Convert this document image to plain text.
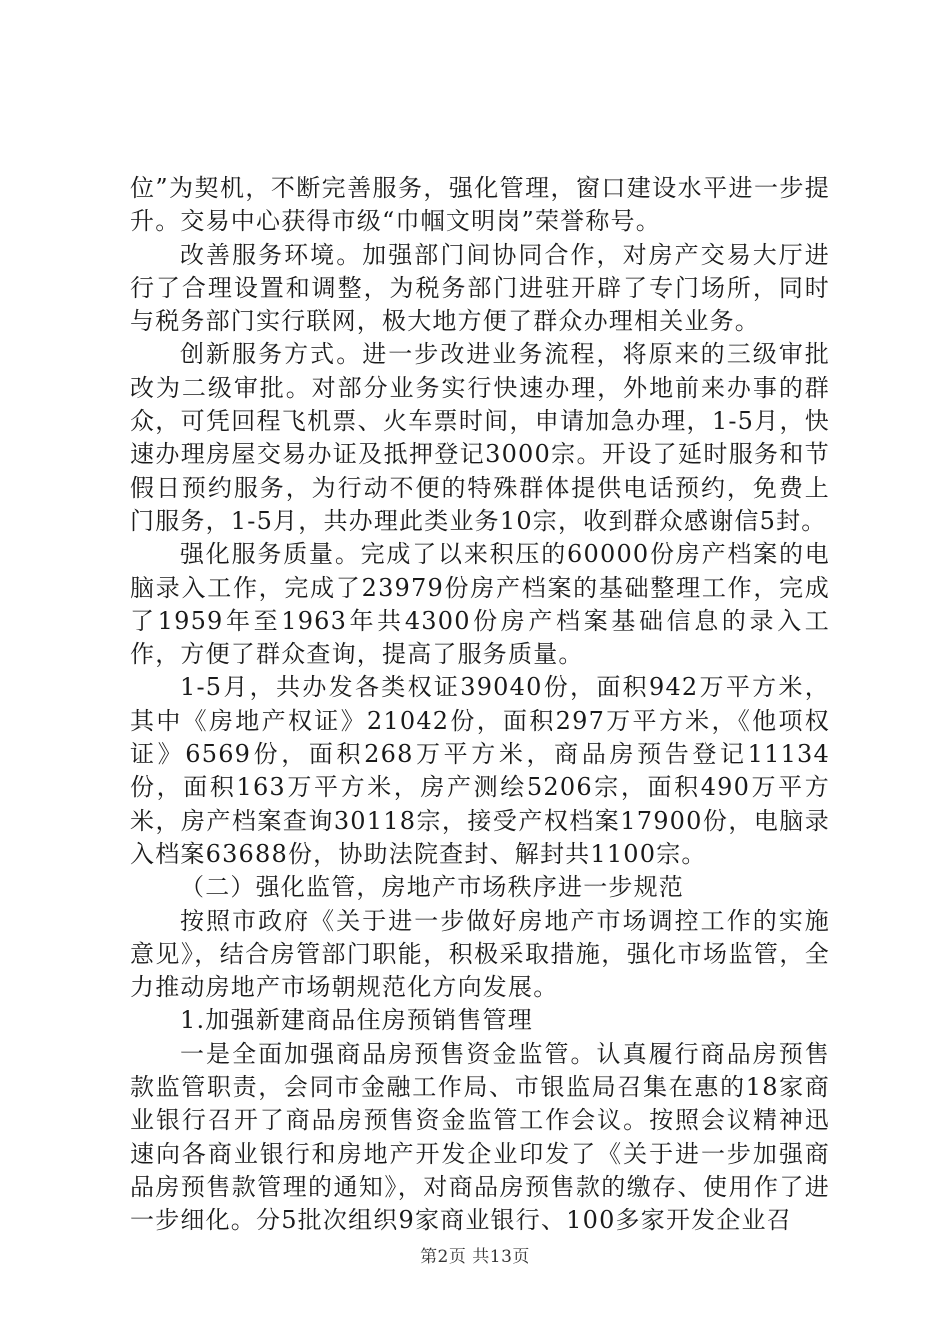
位”为契机，不断完善服务，强化管理，窗口建设水平进一步提升。交易中心获得市级“巾帼文明岗”荣誉称号。

改善服务环境。加强部门间协同合作，对房产交易大厅进行了合理设置和调整，为税务部门进驻开辟了专门场所，同时与税务部门实行联网，极大地方便了群众办理相关业务。

创新服务方式。进一步改进业务流程，将原来的三级审批改为二级审批。对部分业务实行快速办理，外地前来办事的群众，可凭回程飞机票、火车票时间，申请加急办理，1-5月，快速办理房屋交易办证及抵押登记3000宗。开设了延时服务和节假日预约服务，为行动不便的特殊群体提供电话预约，免费上门服务，1-5月，共办理此类业务10宗，收到群众感谢信5封。

强化服务质量。完成了以来积压的60000份房产档案的电脑录入工作，完成了23979份房产档案的基础整理工作，完成了1959年至1963年共4300份房产档案基础信息的录入工作，方便了群众查询，提高了服务质量。

1-5月，共办发各类权证39040份，面积942万平方米，其中《房地产权证》21042份，面积297万平方米，《他项权证》6569份，面积268万平方米，商品房预告登记11134份，面积163万平方米，房产测绘5206宗，面积490万平方米，房产档案查询30118宗，接受产权档案17900份，电脑录入档案63688份，协助法院查封、解封共1100宗。

（二）强化监管，房地产市场秩序进一步规范

按照市政府《关于进一步做好房地产市场调控工作的实施意见》，结合房管部门职能，积极采取措施，强化市场监管，全力推动房地产市场朝规范化方向发展。

1.加强新建商品住房预销售管理

一是全面加强商品房预售资金监管。认真履行商品房预售款监管职责，会同市金融工作局、市银监局召集在惠的18家商业银行召开了商品房预售资金监管工作会议。按照会议精神迅速向各商业银行和房地产开发企业印发了《关于进一步加强商品房预售款管理的通知》，对商品房预售款的缴存、使用作了进一步细化。分5批次组织9家商业银行、100多家开发企业召

第2页 共13页
